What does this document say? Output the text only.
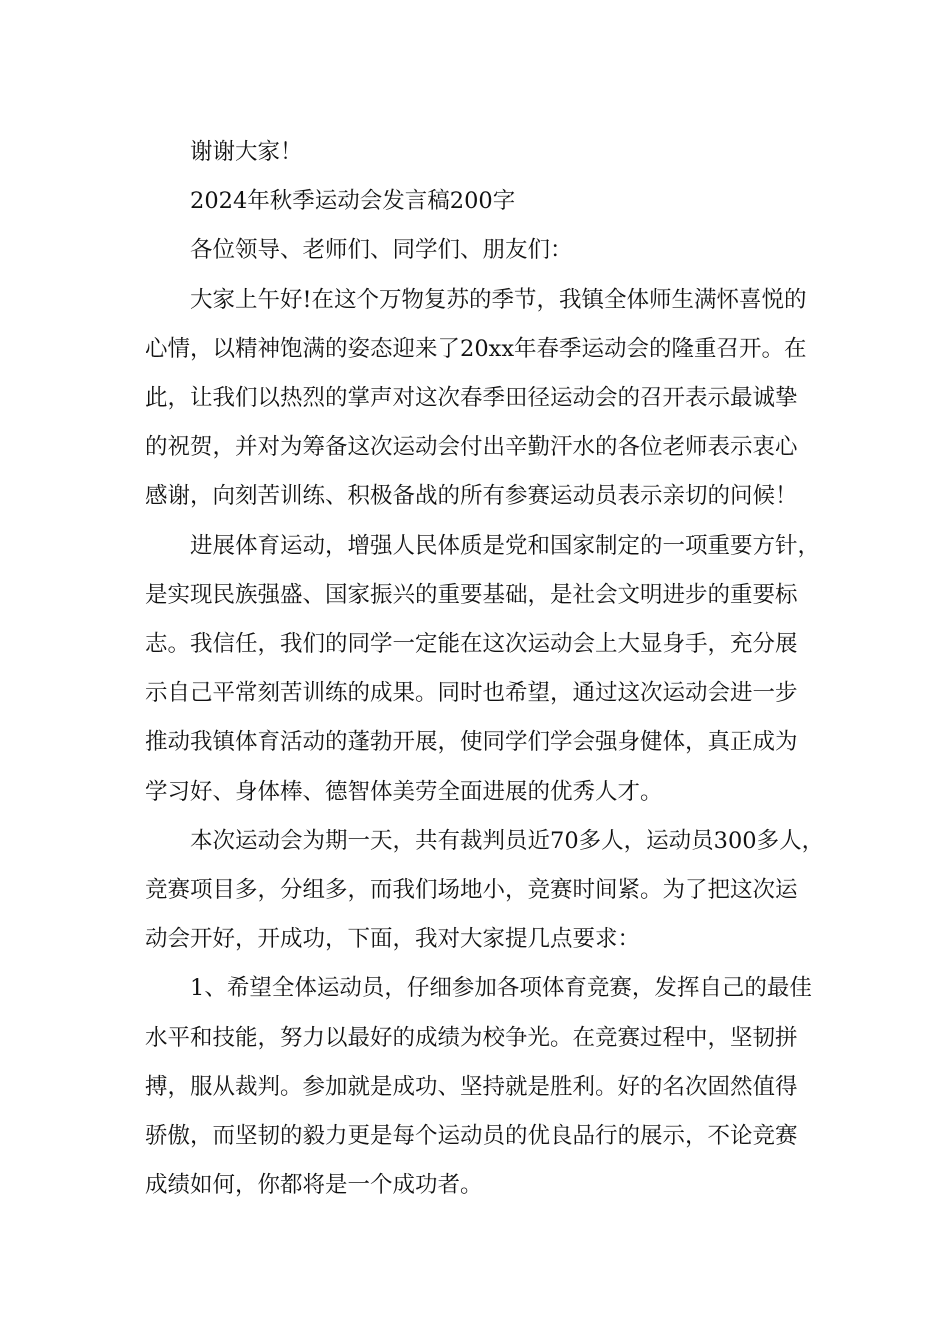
谢谢大家！

2024年秋季运动会发言稿200字

各位领导、老师们、同学们、朋友们：

大家上午好!在这个万物复苏的季节，我镇全体师生满怀喜悦的
心情，以精神饱满的姿态迎来了20xx年春季运动会的隆重召开。在
此，让我们以热烈的掌声对这次春季田径运动会的召开表示最诚挚
的祝贺，并对为筹备这次运动会付出辛勤汗水的各位老师表示衷心
感谢，向刻苦训练、积极备战的所有参赛运动员表示亲切的问候！

进展体育运动，增强人民体质是党和国家制定的一项重要方针，
是实现民族强盛、国家振兴的重要基础，是社会文明进步的重要标
志。我信任，我们的同学一定能在这次运动会上大显身手，充分展
示自己平常刻苦训练的成果。同时也希望，通过这次运动会进一步
推动我镇体育活动的蓬勃开展，使同学们学会强身健体，真正成为
学习好、身体棒、德智体美劳全面进展的优秀人才。

本次运动会为期一天，共有裁判员近70多人，运动员300多人，
竞赛项目多，分组多，而我们场地小，竞赛时间紧。为了把这次运
动会开好，开成功，下面，我对大家提几点要求：

1、希望全体运动员，仔细参加各项体育竞赛，发挥自己的最佳
水平和技能，努力以最好的成绩为校争光。在竞赛过程中，坚韧拼
搏，服从裁判。参加就是成功、坚持就是胜利。好的名次固然值得
骄傲，而坚韧的毅力更是每个运动员的优良品行的展示，不论竞赛
成绩如何，你都将是一个成功者。
